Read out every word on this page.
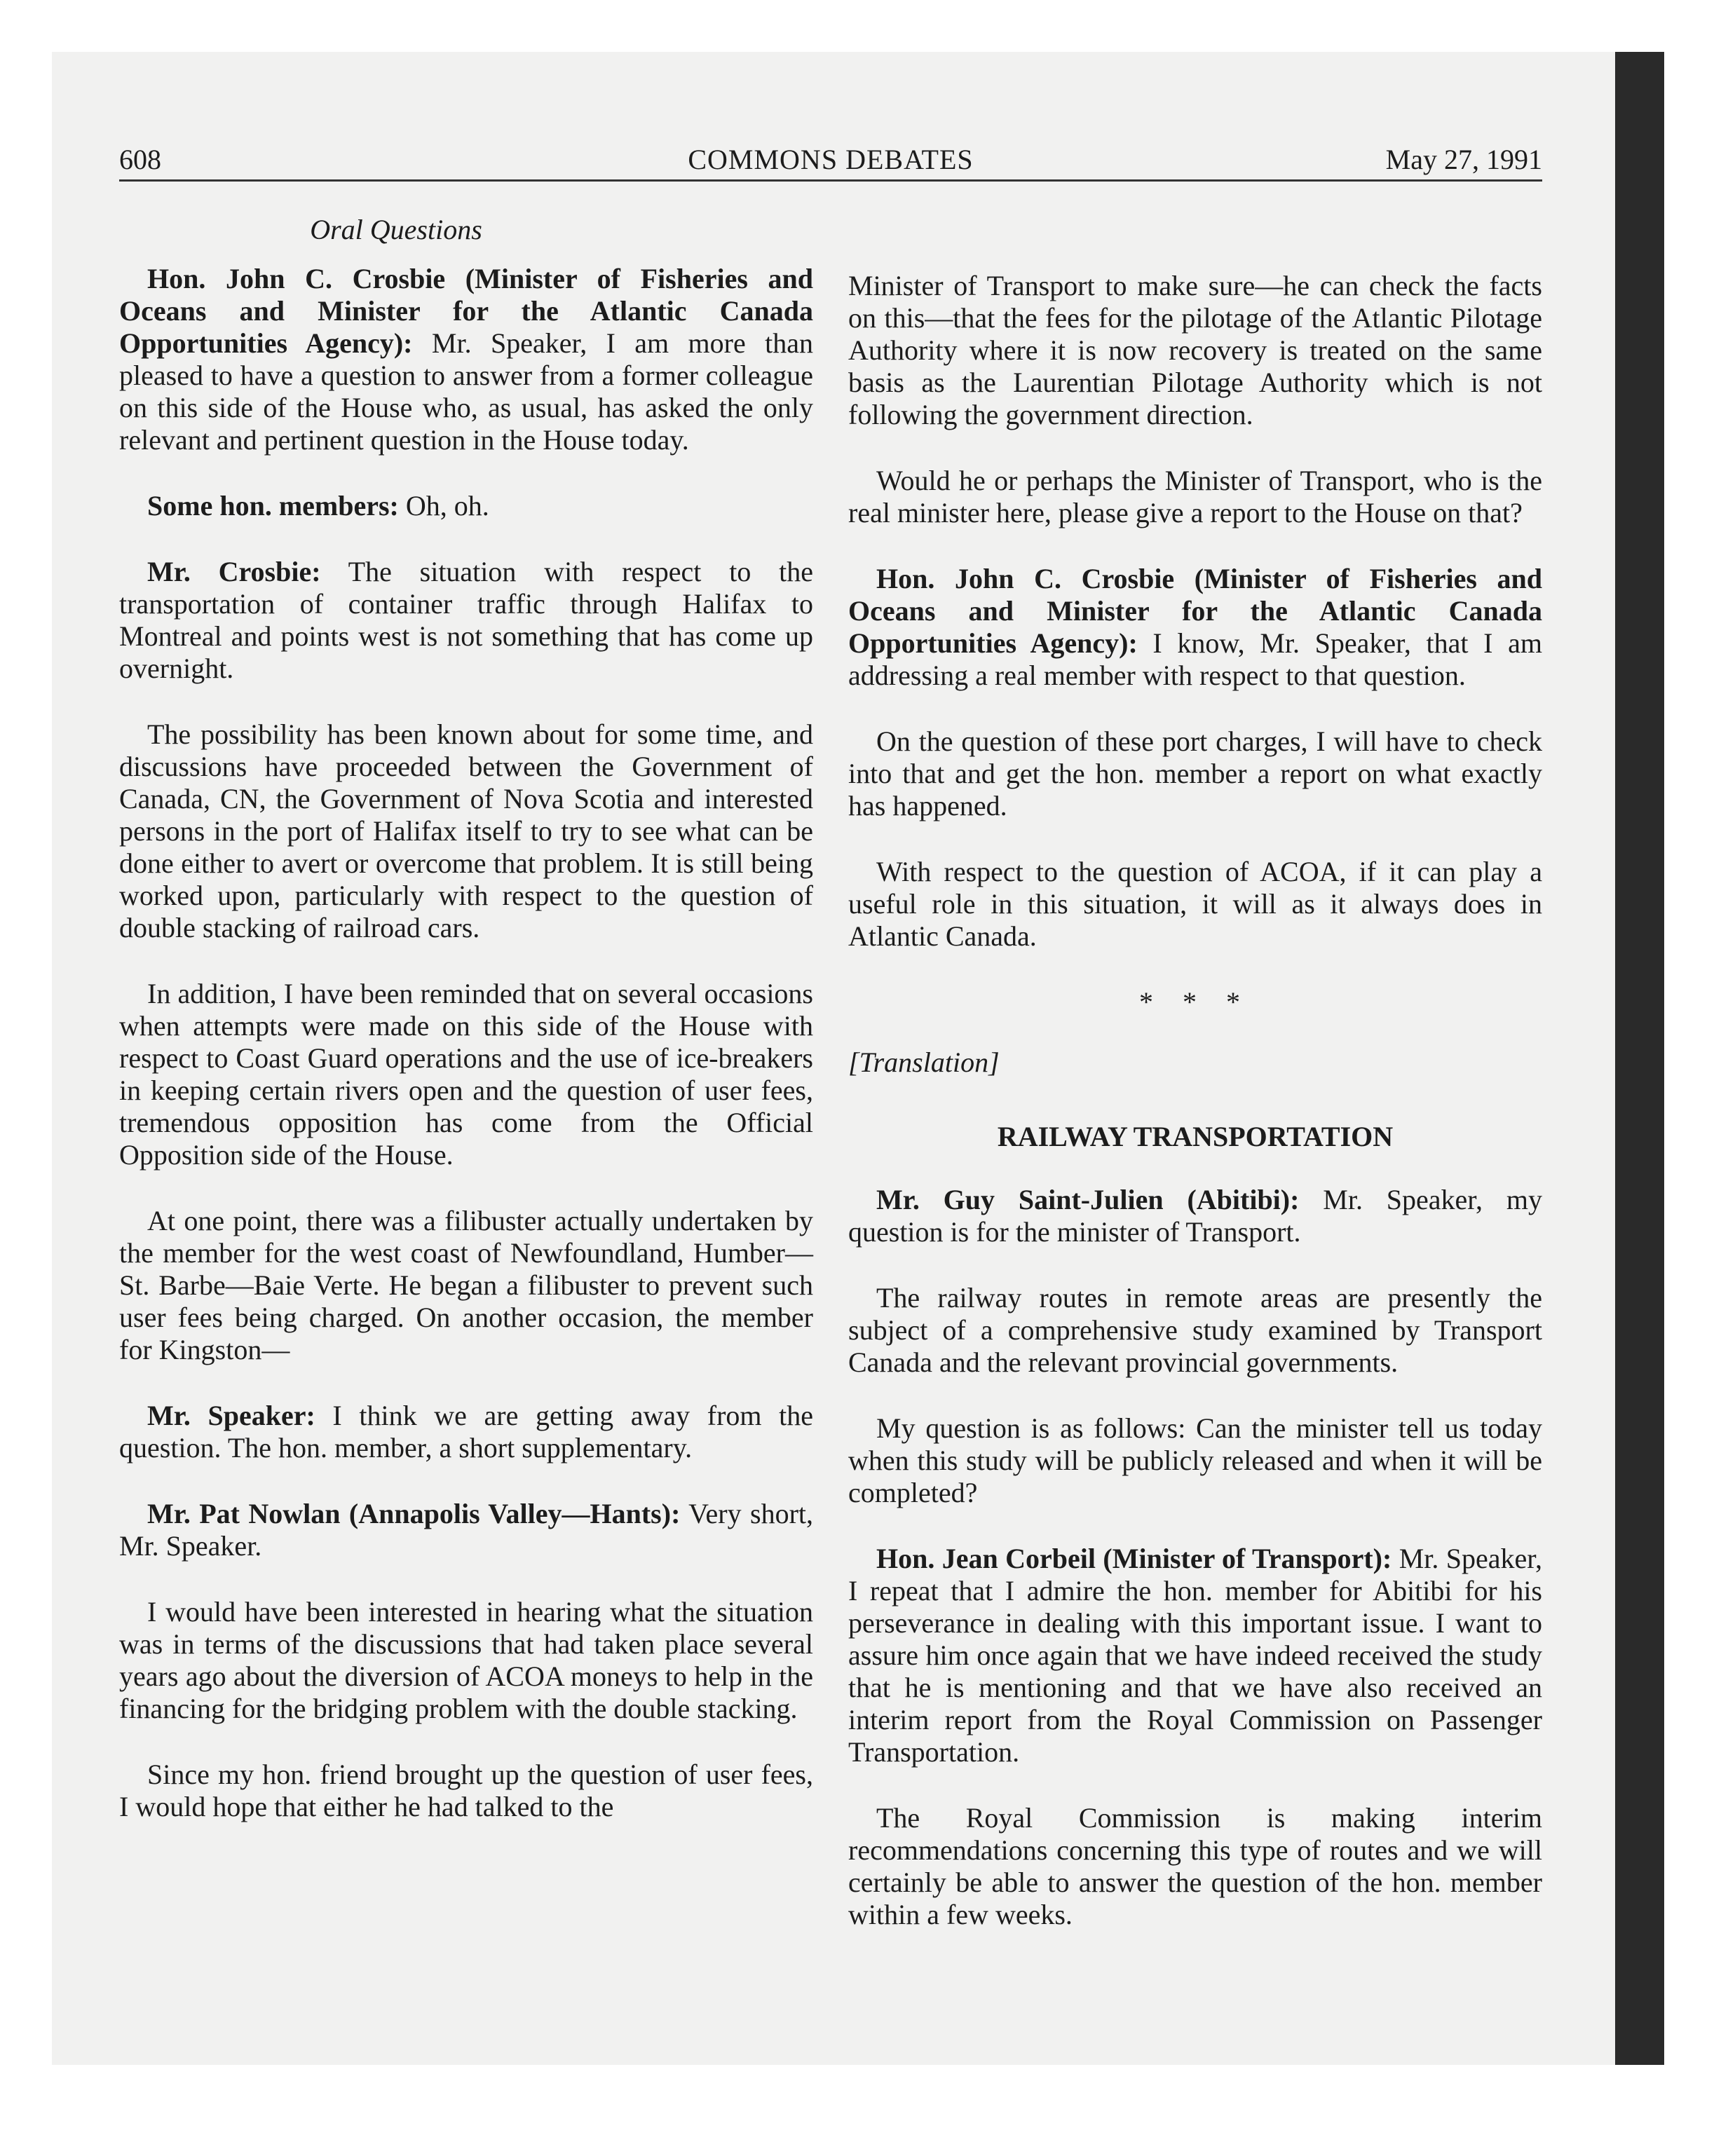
608	COMMONS DEBATES	May 27, 1991
Oral Questions

Hon. John C. Crosbie (Minister of Fisheries and Oceans and Minister for the Atlantic Canada Opportunities Agency): Mr. Speaker, I am more than pleased to have a question to answer from a former colleague on this side of the House who, as usual, has asked the only relevant and pertinent question in the House today.

Some hon. members: Oh, oh.

Mr. Crosbie: The situation with respect to the transportation of container traffic through Halifax to Montreal and points west is not something that has come up overnight.

The possibility has been known about for some time, and discussions have proceeded between the Government of Canada, CN, the Government of Nova Scotia and interested persons in the port of Halifax itself to try to see what can be done either to avert or overcome that problem. It is still being worked upon, particularly with respect to the question of double stacking of railroad cars.

In addition, I have been reminded that on several occasions when attempts were made on this side of the House with respect to Coast Guard operations and the use of ice-breakers in keeping certain rivers open and the question of user fees, tremendous opposition has come from the Official Opposition side of the House.

At one point, there was a filibuster actually undertaken by the member for the west coast of Newfoundland, Humber—St. Barbe—Baie Verte. He began a filibuster to prevent such user fees being charged. On another occasion, the member for Kingston—

Mr. Speaker: I think we are getting away from the question. The hon. member, a short supplementary.

Mr. Pat Nowlan (Annapolis Valley—Hants): Very short, Mr. Speaker.

I would have been interested in hearing what the situation was in terms of the discussions that had taken place several years ago about the diversion of ACOA moneys to help in the financing for the bridging problem with the double stacking.

Since my hon. friend brought up the question of user fees, I would hope that either he had talked to the

Minister of Transport to make sure—he can check the facts on this—that the fees for the pilotage of the Atlantic Pilotage Authority where it is now recovery is treated on the same basis as the Laurentian Pilotage Authority which is not following the government direction.

Would he or perhaps the Minister of Transport, who is the real minister here, please give a report to the House on that?

Hon. John C. Crosbie (Minister of Fisheries and Oceans and Minister for the Atlantic Canada Opportunities Agency): I know, Mr. Speaker, that I am addressing a real member with respect to that question.

On the question of these port charges, I will have to check into that and get the hon. member a report on what exactly has happened.

With respect to the question of ACOA, if it can play a useful role in this situation, it will as it always does in Atlantic Canada.

* * *
[Translation]
RAILWAY TRANSPORTATION

Mr. Guy Saint-Julien (Abitibi): Mr. Speaker, my question is for the minister of Transport.

The railway routes in remote areas are presently the subject of a comprehensive study examined by Transport Canada and the relevant provincial governments.

My question is as follows: Can the minister tell us today when this study will be publicly released and when it will be completed?

Hon. Jean Corbeil (Minister of Transport): Mr. Speaker, I repeat that I admire the hon. member for Abitibi for his perseverance in dealing with this important issue. I want to assure him once again that we have indeed received the study that he is mentioning and that we have also received an interim report from the Royal Commission on Passenger Transportation.

The Royal Commission is making interim recommendations concerning this type of routes and we will certainly be able to answer the question of the hon. member within a few weeks.
